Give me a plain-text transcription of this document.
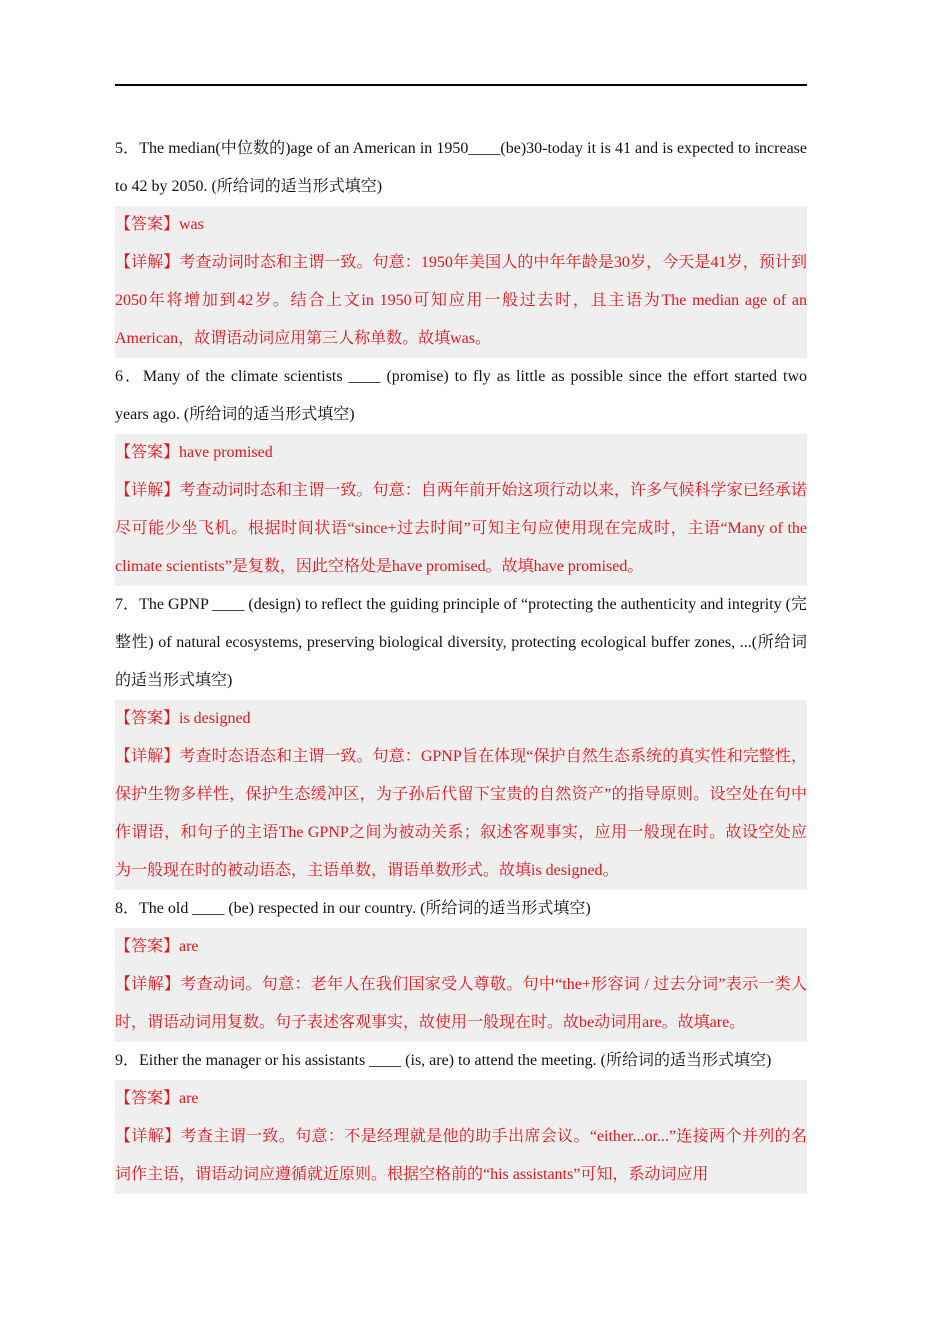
5．The median(中位数的)age of an American in 1950____(be)30-today it is 41 and is expected to increase to 42 by 2050. (所给词的适当形式填空)

【答案】was

【详解】考查动词时态和主谓一致。句意：1950年美国人的中年年龄是30岁，今天是41岁，预计到2050年将增加到42岁。结合上文in 1950可知应用一般过去时，且主语为The median age of an American，故谓语动词应用第三人称单数。故填was。

6．Many of the climate scientists ____ (promise) to fly as little as possible since the effort started two years ago. (所给词的适当形式填空)

【答案】have promised

【详解】考查动词时态和主谓一致。句意：自两年前开始这项行动以来，许多气候科学家已经承诺尽可能少坐飞机。根据时间状语“since+过去时间”可知主句应使用现在完成时，主语“Many of the climate scientists”是复数，因此空格处是have promised。故填have promised。

7．The GPNP ____ (design) to reflect the guiding principle of “protecting the authenticity and integrity (完整性) of natural ecosystems, preserving biological diversity, protecting ecological buffer zones, ...(所给词的适当形式填空)

【答案】is designed

【详解】考查时态语态和主谓一致。句意：GPNP旨在体现“保护自然生态系统的真实性和完整性，保护生物多样性，保护生态缓冲区，为子孙后代留下宝贵的自然资产”的指导原则。设空处在句中作谓语，和句子的主语The GPNP之间为被动关系；叙述客观事实，应用一般现在时。故设空处应为一般现在时的被动语态，主语单数，谓语单数形式。故填is designed。

8．The old ____ (be) respected in our country. (所给词的适当形式填空)

【答案】are

【详解】考查动词。句意：老年人在我们国家受人尊敬。句中“the+形容词 / 过去分词”表示一类人时，谓语动词用复数。句子表述客观事实，故使用一般现在时。故be动词用are。故填are。

9．Either the manager or his assistants ____ (is, are) to attend the meeting. (所给词的适当形式填空)

【答案】are

【详解】考查主谓一致。句意：不是经理就是他的助手出席会议。“either...or...”连接两个并列的名词作主语，谓语动词应遵循就近原则。根据空格前的“his assistants”可知，系动词应用
